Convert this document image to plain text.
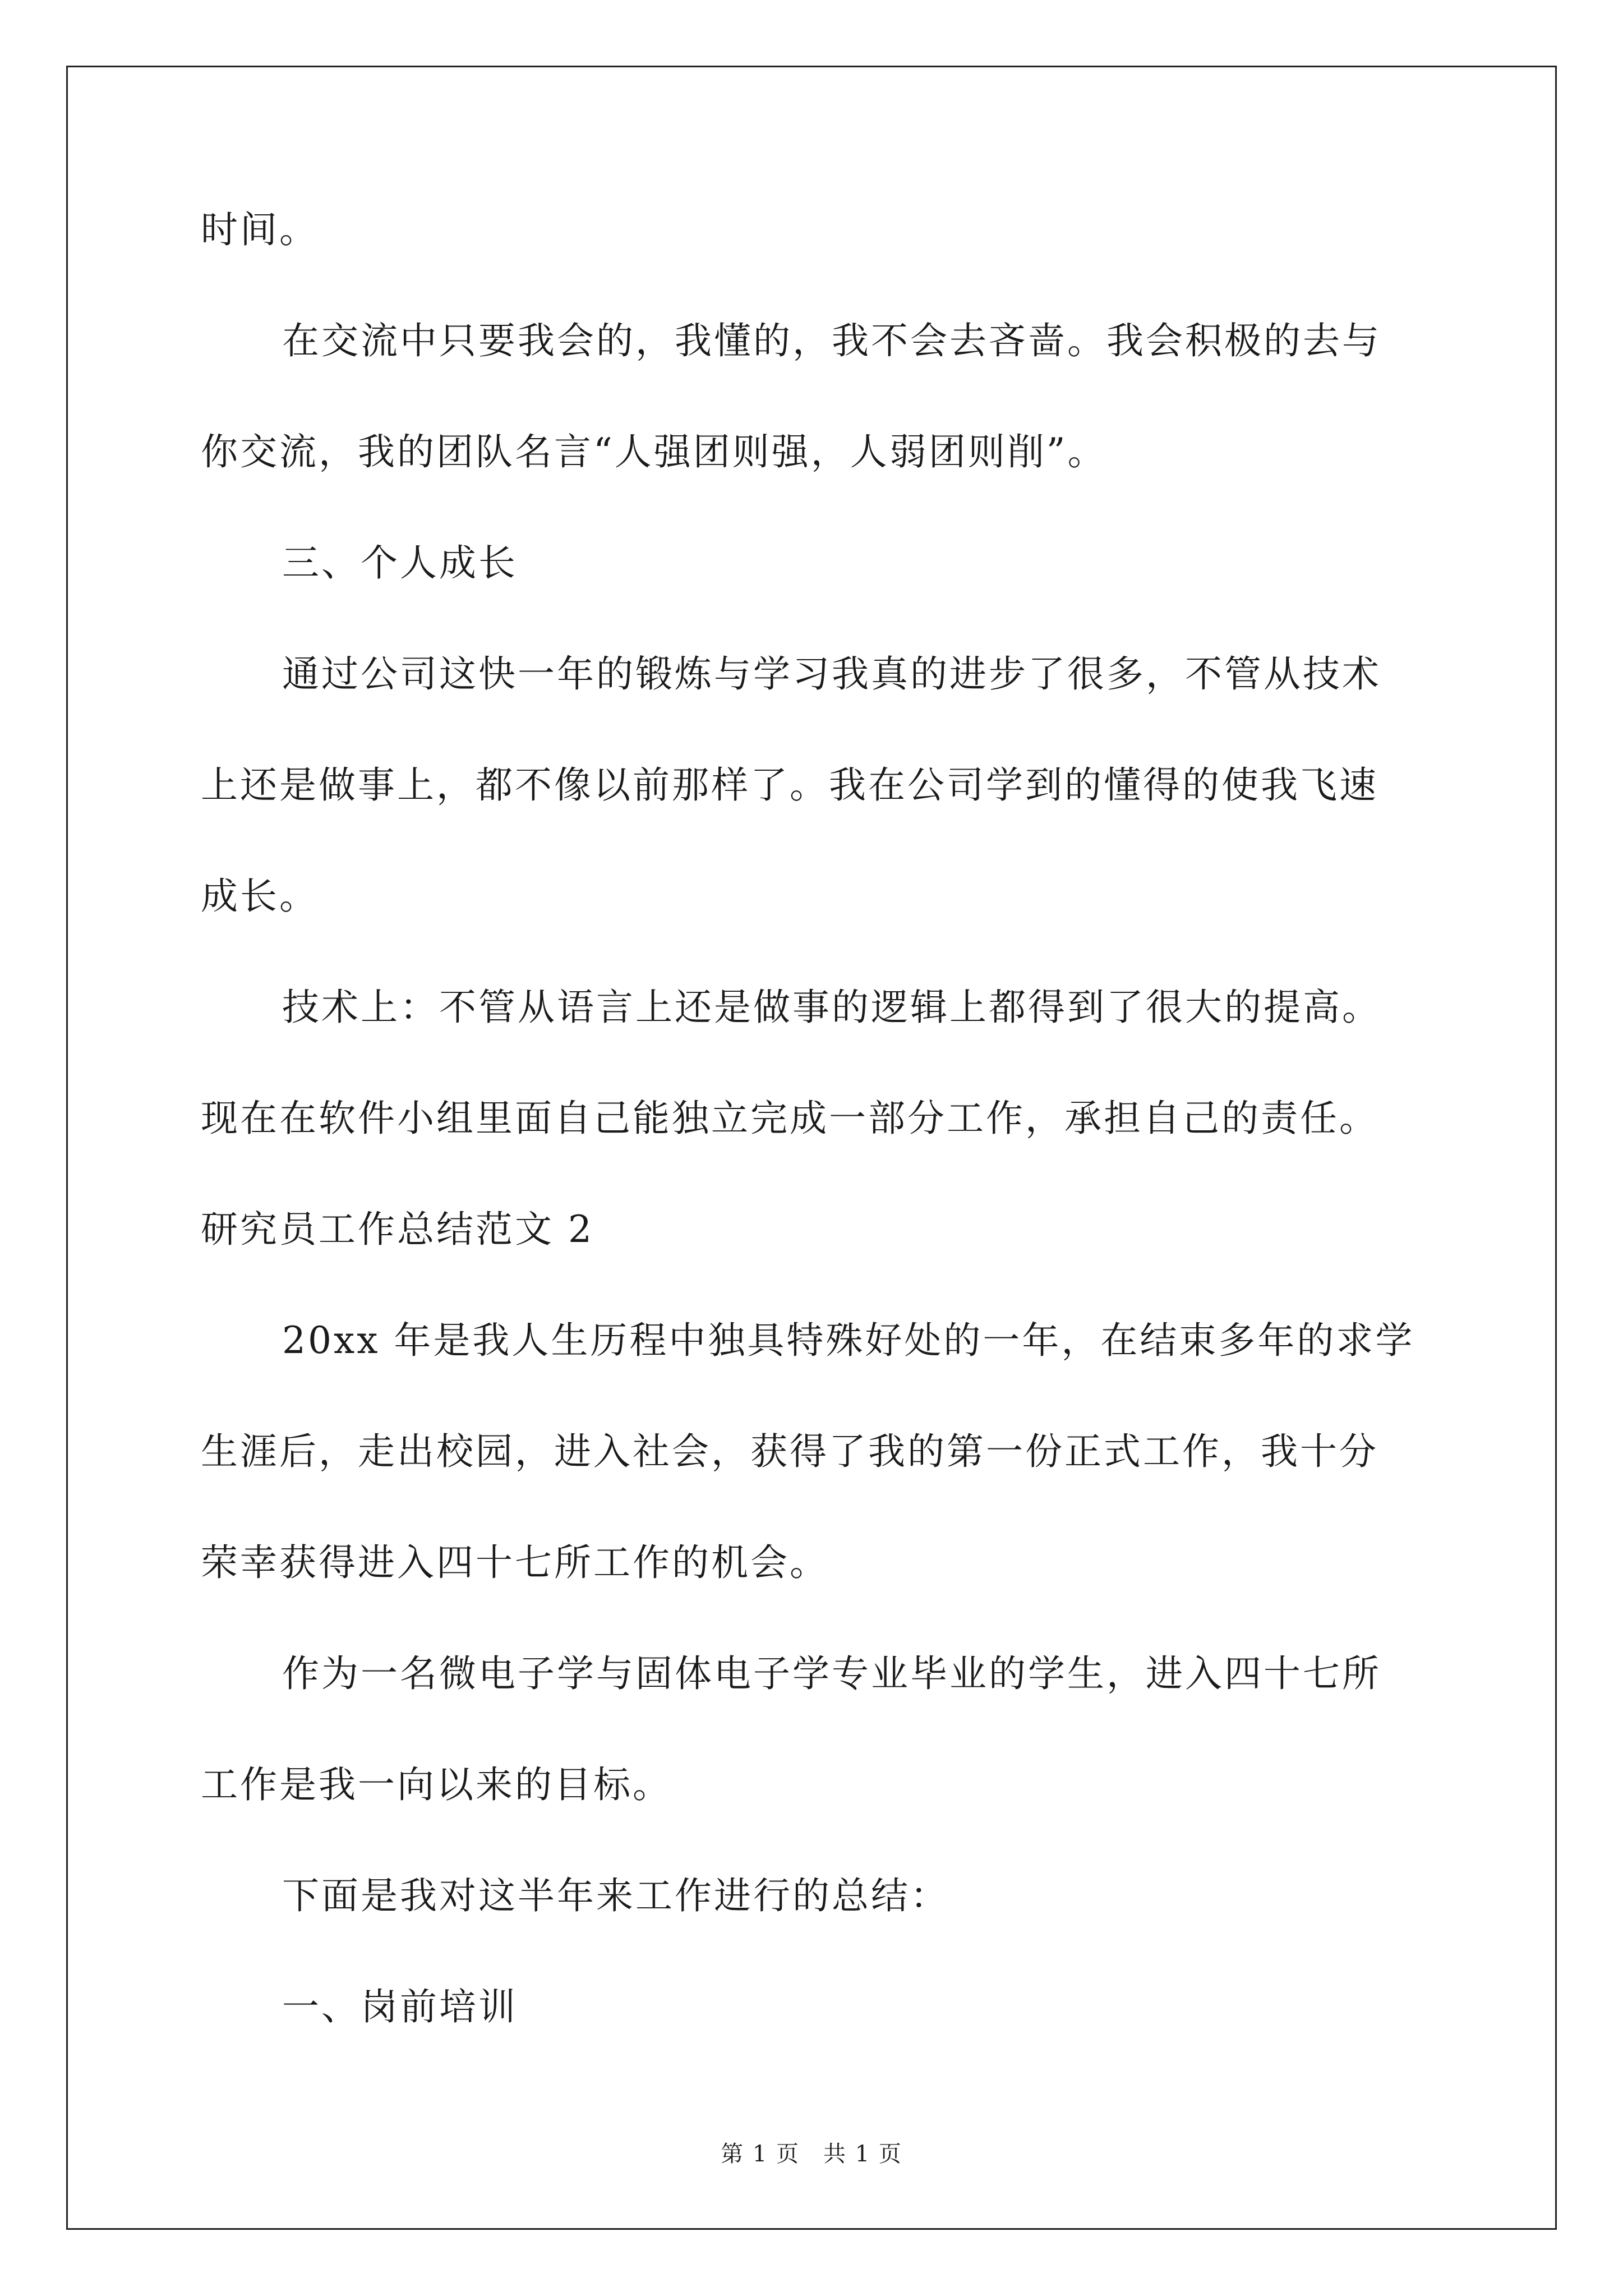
时间。
在交流中只要我会的，我懂的，我不会去吝啬。我会积极的去与
你交流，我的团队名言“人强团则强，人弱团则削”。
三、个人成长
通过公司这快一年的锻炼与学习我真的进步了很多，不管从技术
上还是做事上，都不像以前那样了。我在公司学到的懂得的使我飞速
成长。
技术上：不管从语言上还是做事的逻辑上都得到了很大的提高。
现在在软件小组里面自己能独立完成一部分工作，承担自己的责任。
研究员工作总结范文 2
20xx 年是我人生历程中独具特殊好处的一年，在结束多年的求学
生涯后，走出校园，进入社会，获得了我的第一份正式工作，我十分
荣幸获得进入四十七所工作的机会。
作为一名微电子学与固体电子学专业毕业的学生，进入四十七所
工作是我一向以来的目标。
下面是我对这半年来工作进行的总结：
一、岗前培训
第 1 页　共 1 页
